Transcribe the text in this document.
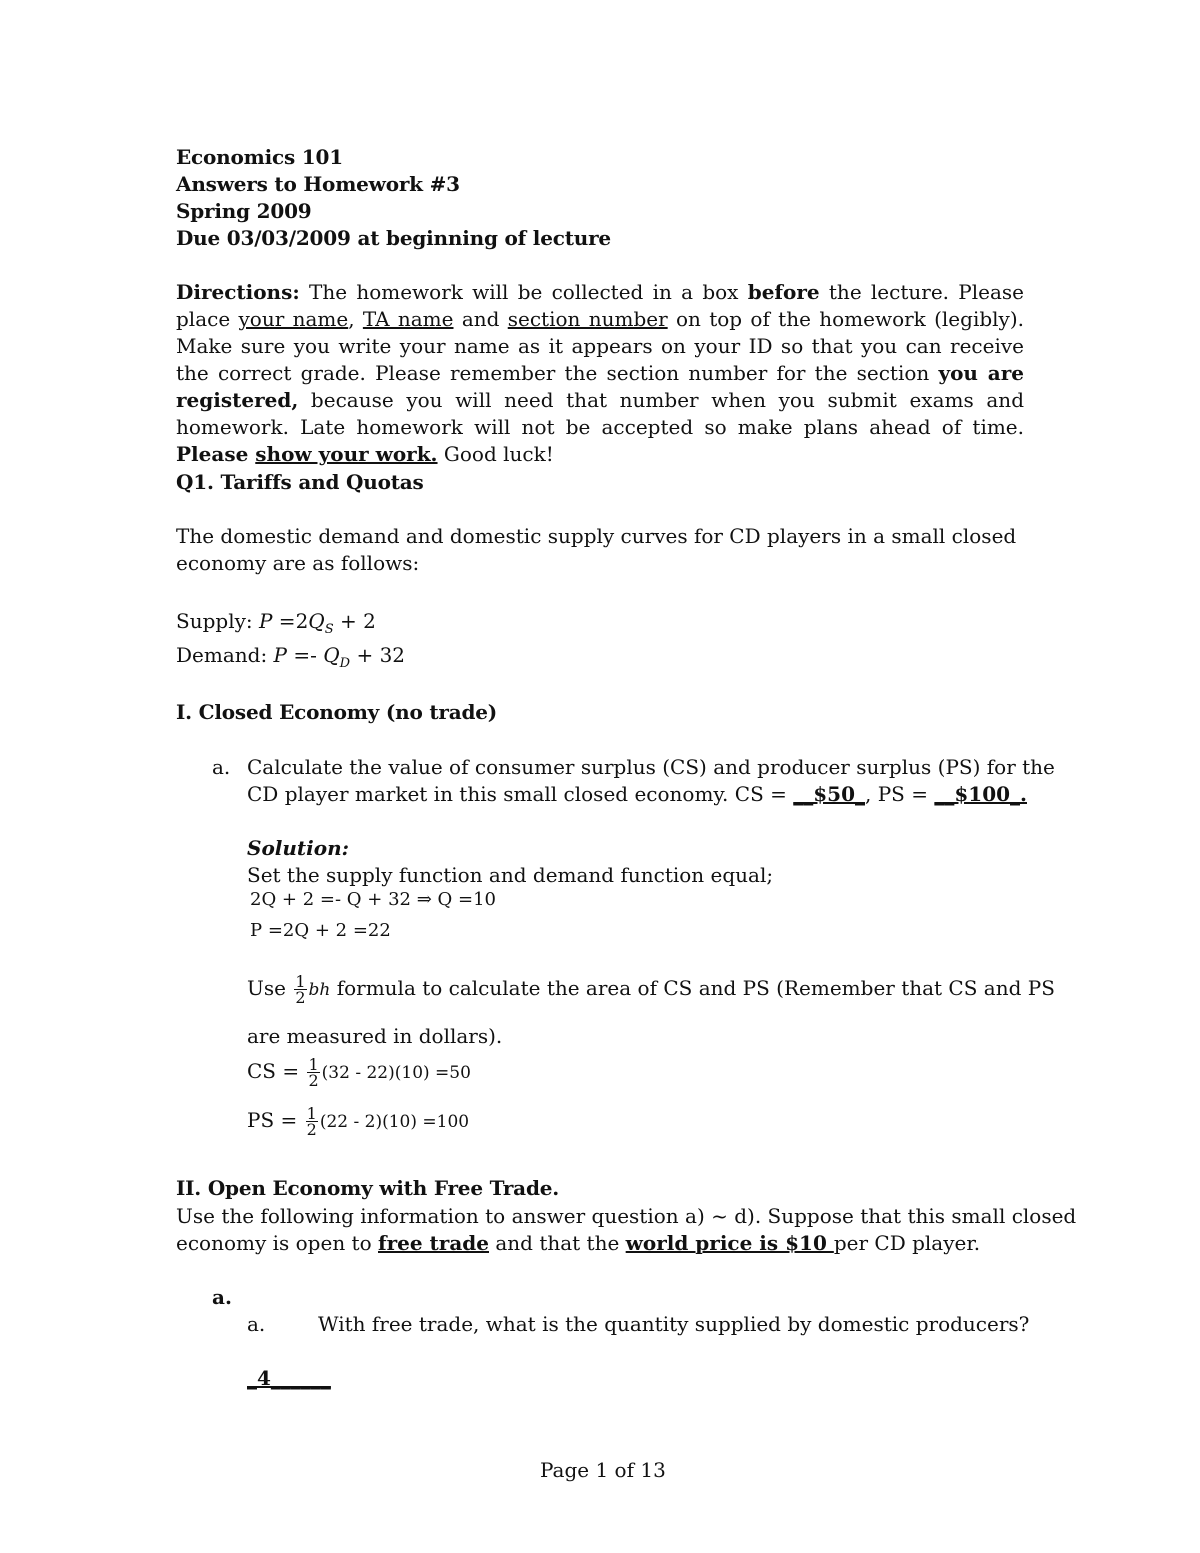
Economics 101
Answers to Homework #3
Spring 2009
Due 03/03/2009 at beginning of lecture
Directions: The homework will be collected in a box before the lecture. Please place your name, TA name and section number on top of the homework (legibly). Make sure you write your name as it appears on your ID so that you can receive the correct grade. Please remember the section number for the section you are registered, because you will need that number when you submit exams and homework. Late homework will not be accepted so make plans ahead of time. Please show your work. Good luck!
Q1. Tariffs and Quotas
The domestic demand and domestic supply curves for CD players in a small closed
economy are as follows:
Supply: $P =2Q_S + 2$
Demand: $P =- Q_D + 32$
I. Closed Economy (no trade)
a. Calculate the value of consumer surplus (CS) and producer surplus (PS) for the
CD player market in this small closed economy. CS = __$50_, PS = __$100_.
Solution:
Set the supply function and demand function equal;
2Q + 2 =- Q + 32 ⇒ Q =10
P =2Q + 2 =22
Use $\frac{1}{2}$ bh formula to calculate the area of CS and PS (Remember that CS and PS
are measured in dollars).
CS = $\frac{1}{2} (32 - 22)(10) =50$
PS = $\frac{1}{2} (22 - 2)(10) =100$
II. Open Economy with Free Trade.
Use the following information to answer question a) ~ d). Suppose that this small closed
economy is open to free trade and that the world price is $10 per CD player.
a.
a.	With free trade, what is the quantity supplied by domestic producers?
_4______
Page 1 of 13
